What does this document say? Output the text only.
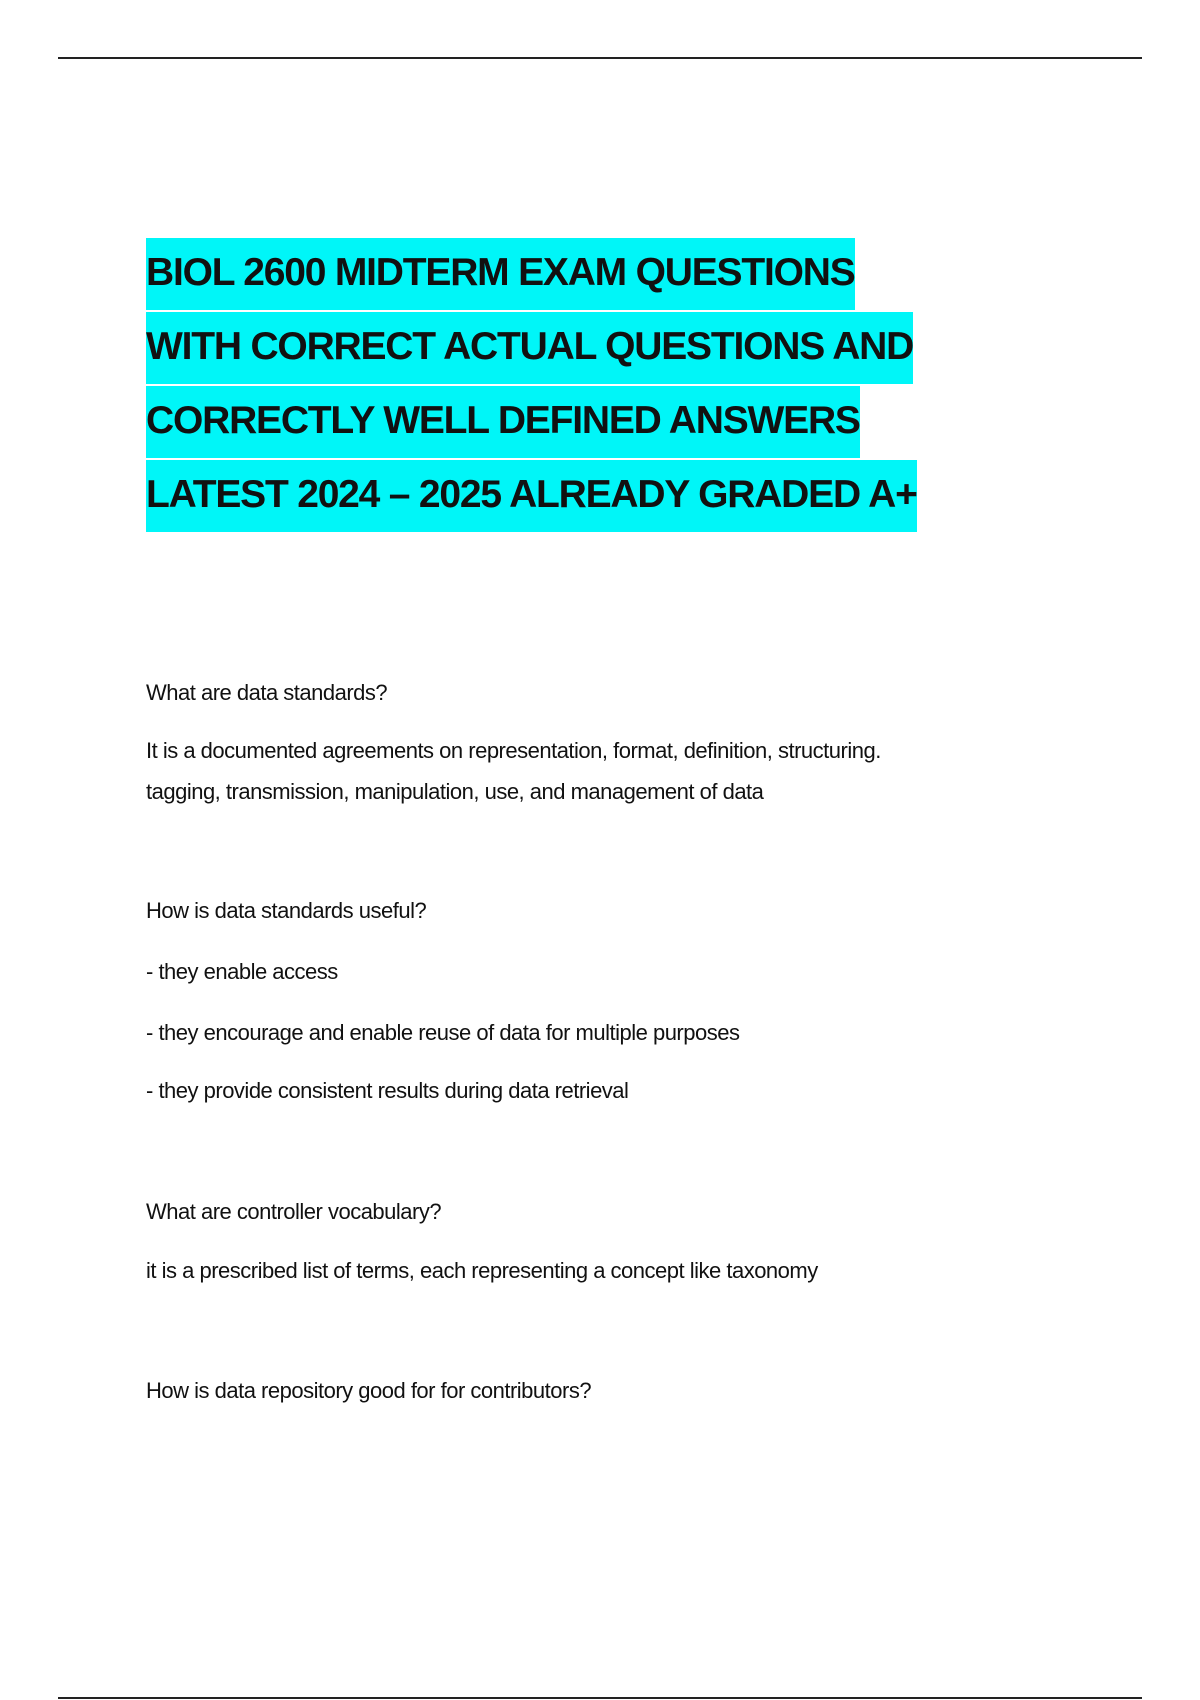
BIOL 2600 MIDTERM EXAM QUESTIONS
WITH CORRECT ACTUAL QUESTIONS AND
CORRECTLY WELL DEFINED ANSWERS
LATEST 2024 – 2025 ALREADY GRADED A+
What are data standards?
It is a documented agreements on representation, format, definition, structuring.
tagging, transmission, manipulation, use, and management of data
How is data standards useful?
- they enable access
- they encourage and enable reuse of data for multiple purposes
- they provide consistent results during data retrieval
What are controller vocabulary?
it is a prescribed list of terms, each representing a concept like taxonomy
How is data repository good for for contributors?
